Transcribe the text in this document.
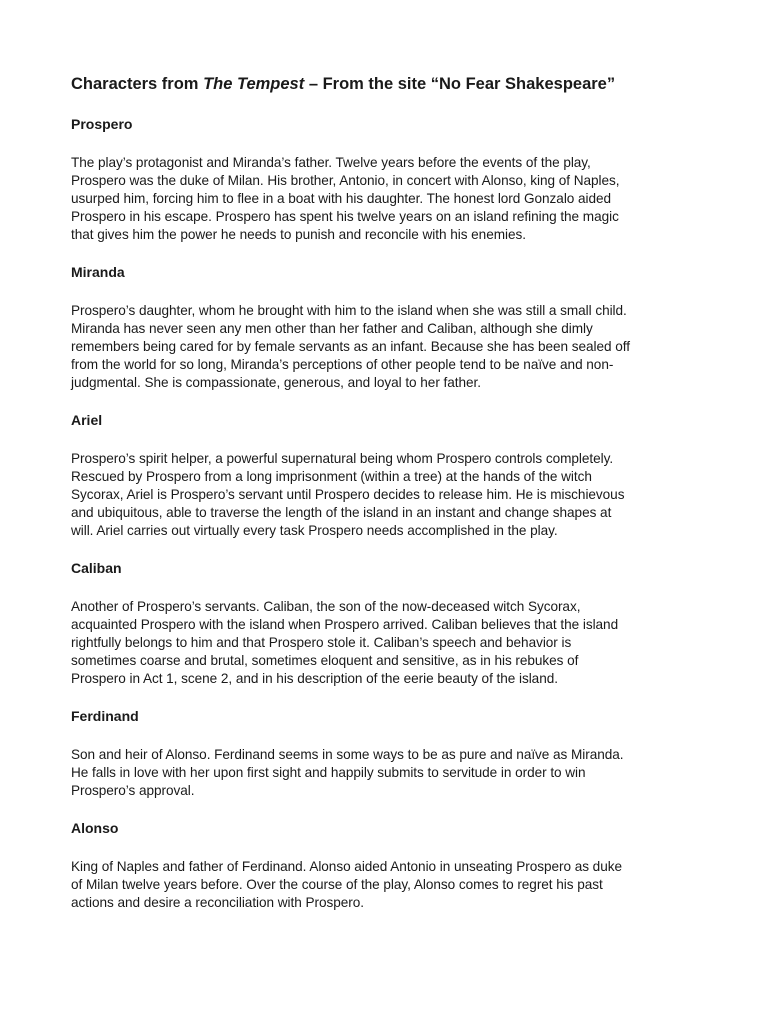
Characters from The Tempest – From the site “No Fear Shakespeare”
Prospero

The play’s protagonist and Miranda’s father. Twelve years before the events of the play,
Prospero was the duke of Milan. His brother, Antonio, in concert with Alonso, king of Naples,
usurped him, forcing him to flee in a boat with his daughter. The honest lord Gonzalo aided
Prospero in his escape. Prospero has spent his twelve years on an island refining the magic
that gives him the power he needs to punish and reconcile with his enemies.

Miranda

Prospero’s daughter, whom he brought with him to the island when she was still a small child.
Miranda has never seen any men other than her father and Caliban, although she dimly
remembers being cared for by female servants as an infant. Because she has been sealed off
from the world for so long, Miranda’s perceptions of other people tend to be naïve and non-
judgmental. She is compassionate, generous, and loyal to her father.

Ariel

Prospero’s spirit helper, a powerful supernatural being whom Prospero controls completely.
Rescued by Prospero from a long imprisonment (within a tree) at the hands of the witch
Sycorax, Ariel is Prospero’s servant until Prospero decides to release him. He is mischievous
and ubiquitous, able to traverse the length of the island in an instant and change shapes at
will. Ariel carries out virtually every task Prospero needs accomplished in the play.

Caliban

Another of Prospero’s servants. Caliban, the son of the now-deceased witch Sycorax,
acquainted Prospero with the island when Prospero arrived. Caliban believes that the island
rightfully belongs to him and that Prospero stole it. Caliban’s speech and behavior is
sometimes coarse and brutal, sometimes eloquent and sensitive, as in his rebukes of
Prospero in Act 1, scene 2, and in his description of the eerie beauty of the island.

Ferdinand

Son and heir of Alonso. Ferdinand seems in some ways to be as pure and naïve as Miranda.
He falls in love with her upon first sight and happily submits to servitude in order to win
Prospero’s approval.

Alonso

King of Naples and father of Ferdinand. Alonso aided Antonio in unseating Prospero as duke
of Milan twelve years before. Over the course of the play, Alonso comes to regret his past
actions and desire a reconciliation with Prospero.
